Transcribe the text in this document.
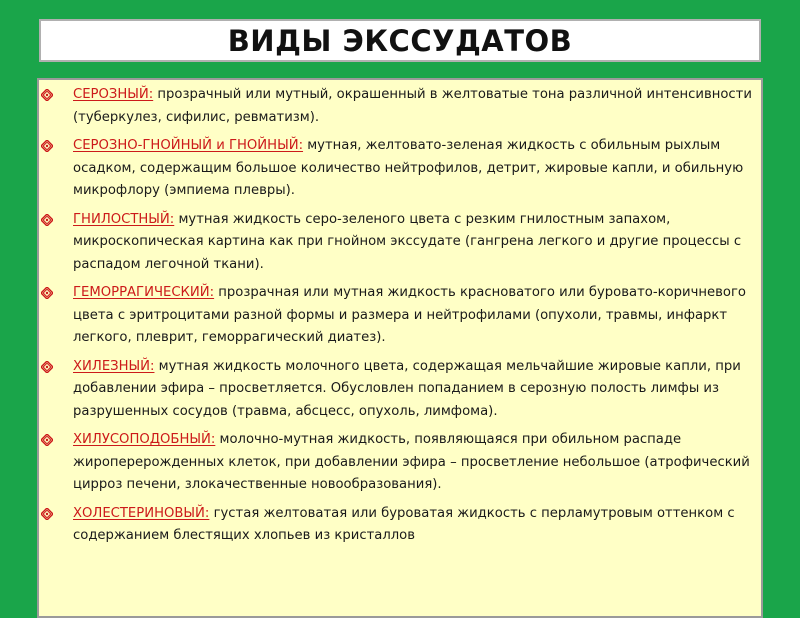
ВИДЫ ЭКССУДАТОВ
СЕРОЗНЫЙ: прозрачный или мутный, окрашенный в желтоватые тона различной интенсивности (туберкулез, сифилис, ревматизм).
СЕРОЗНО-ГНОЙНЫЙ и ГНОЙНЫЙ: мутная, желтовато-зеленая жидкость с обильным рыхлым осадком, содержащим большое количество нейтрофилов, детрит, жировые капли, и обильную микрофлору (эмпиема плевры).
ГНИЛОСТНЫЙ: мутная жидкость серо-зеленого цвета с резким гнилостным запахом, микроскопическая картина как при гнойном экссудате (гангрена легкого и другие процессы с распадом легочной ткани).
ГЕМОРРАГИЧЕСКИЙ: прозрачная или мутная жидкость красноватого или буровато-коричневого цвета с эритроцитами разной формы и размера и нейтрофилами (опухоли, травмы, инфаркт легкого, плеврит, геморрагический диатез).
ХИЛЕЗНЫЙ: мутная жидкость молочного цвета, содержащая мельчайшие жировые капли, при добавлении эфира – просветляется. Обусловлен попаданием в серозную полость лимфы из разрушенных сосудов (травма, абсцесс, опухоль, лимфома).
ХИЛУСОПОДОБНЫЙ: молочно-мутная жидкость, появляющаяся при обильном распаде жироперерожденных клеток, при добавлении эфира – просветление небольшое (атрофический цирроз печени, злокачественные новообразования).
ХОЛЕСТЕРИНОВЫЙ: густая желтоватая или буроватая жидкость с перламутровым оттенком с содержанием блестящих хлопьев из кристаллов
